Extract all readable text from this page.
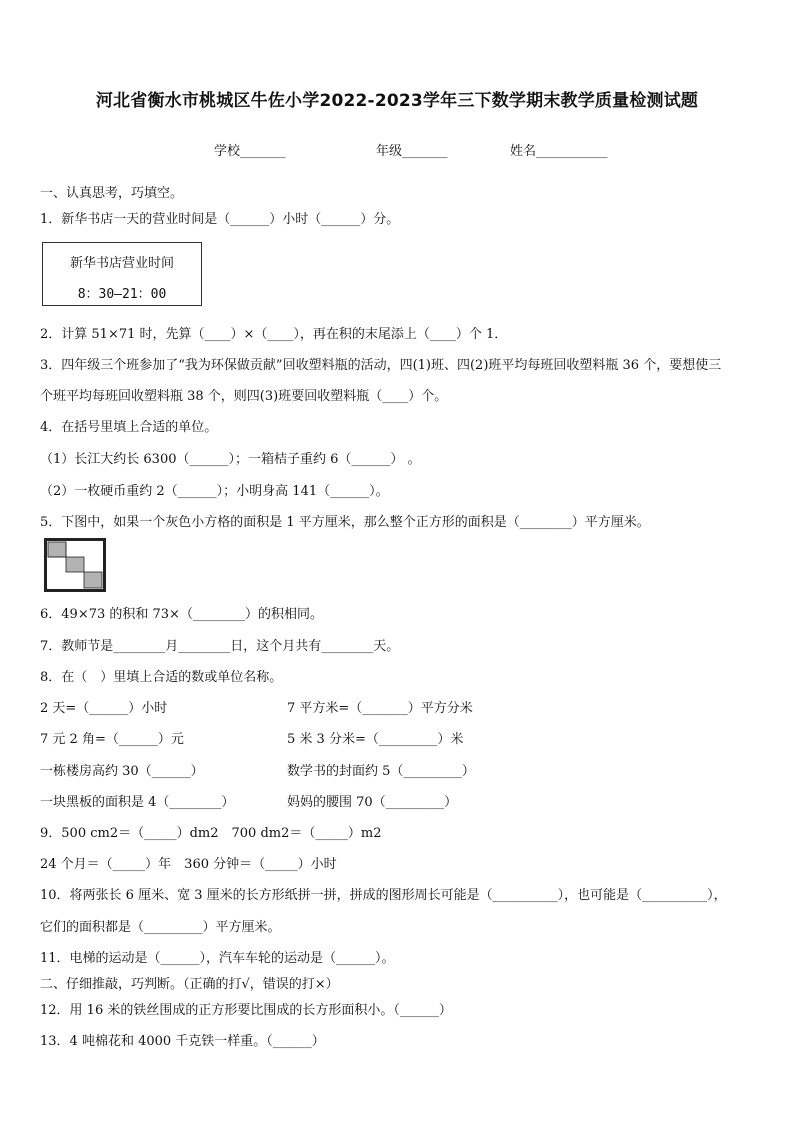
河北省衡水市桃城区牛佐小学2022-2023学年三下数学期末教学质量检测试题
学校_______	年级_______	姓名___________
一、认真思考，巧填空。
1．新华书店一天的营业时间是（______）小时（______）分。
新华书店营业时间
8：30—21：00
2．计算 51×71 时，先算（____）×（____），再在积的末尾添上（____）个 1．
3．四年级三个班参加了“我为环保做贡献”回收塑料瓶的活动，四(1)班、四(2)班平均每班回收塑料瓶 36 个，要想使三
个班平均每班回收塑料瓶 38 个，则四(3)班要回收塑料瓶（____）个。
4．在括号里填上合适的单位。
（1）长江大约长 6300（______）；一箱桔子重约 6（______） 。
（2）一枚硬币重约 2（______）；小明身高 141（______）。
5．下图中，如果一个灰色小方格的面积是 1 平方厘米，那么整个正方形的面积是（________）平方厘米。
6．49×73 的积和 73×（________）的积相同。
7．教师节是________月________日，这个月共有________天。
8．在（　）里填上合适的数或单位名称。
2 天=（______）小时	7 平方米=（_______）平方分米
7 元 2 角=（______）元	5 米 3 分米=（_________）米
一栋楼房高约 30（______）	数学书的封面约 5（_________）
一块黑板的面积是 4（________）	妈妈的腰围 70（_________）
9．500 cm2＝（_____）dm2　700 dm2＝（_____）m2
24 个月＝（_____）年　360 分钟＝（_____）小时
10．将两张长 6 厘米、宽 3 厘米的长方形纸拼一拼，拼成的图形周长可能是（__________），也可能是（__________），
它们的面积都是（_________）平方厘米。
11．电梯的运动是（______），汽车车轮的运动是（______）。
二、仔细推敲，巧判断。（正确的打√，错误的打×）
12．用 16 米的铁丝围成的正方形要比围成的长方形面积小。（______）
13．4 吨棉花和 4000 千克铁一样重。（______）
